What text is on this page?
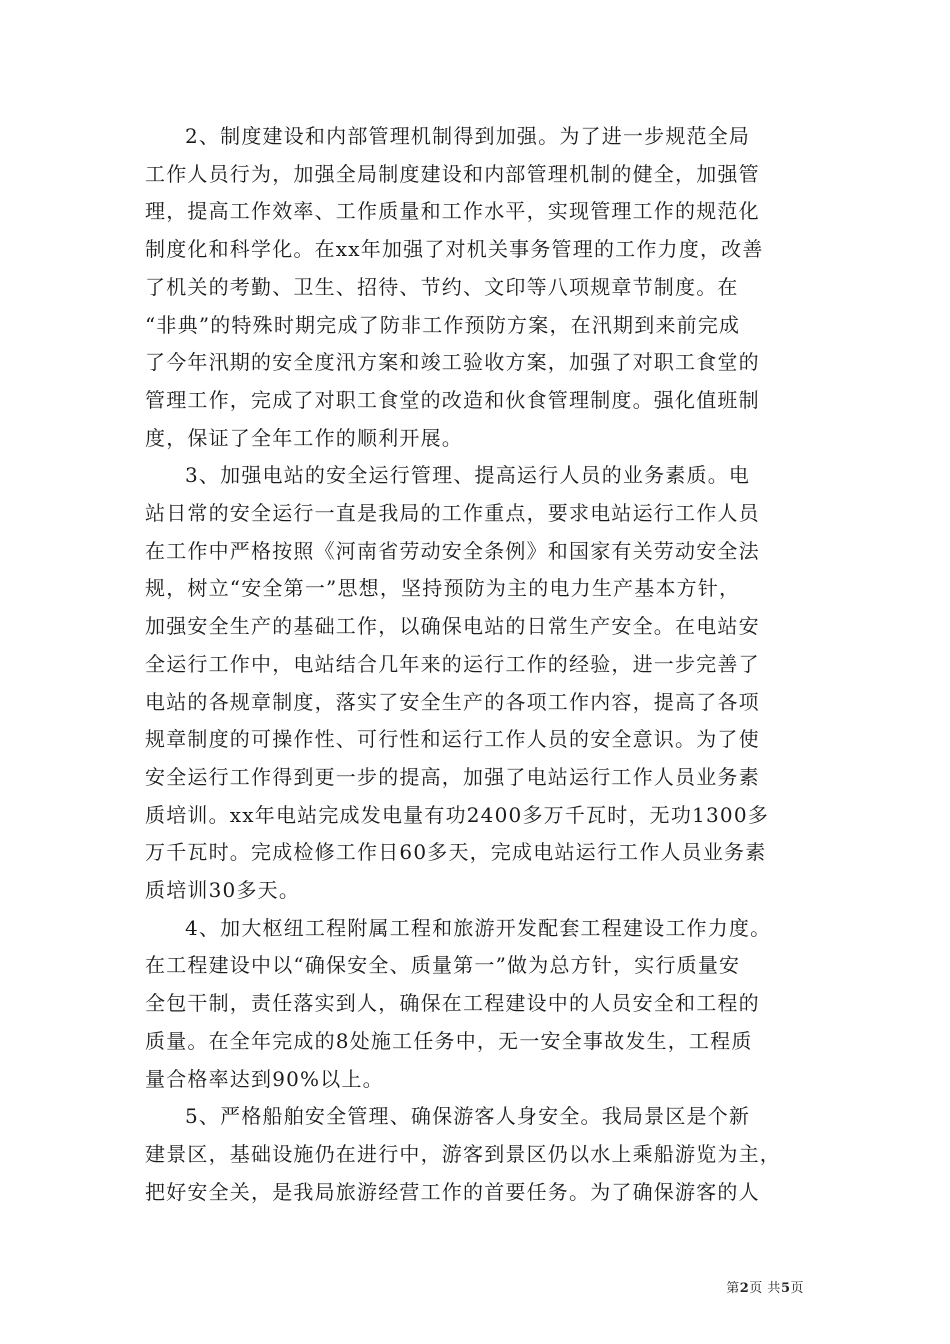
2、制度建设和内部管理机制得到加强。为了进一步规范全局

工作人员行为，加强全局制度建设和内部管理机制的健全，加强管

理，提高工作效率、工作质量和工作水平，实现管理工作的规范化

制度化和科学化。在xx年加强了对机关事务管理的工作力度，改善

了机关的考勤、卫生、招待、节约、文印等八项规章节制度。在

“非典”的特殊时期完成了防非工作预防方案，在汛期到来前完成

了今年汛期的安全度汛方案和竣工验收方案，加强了对职工食堂的

管理工作，完成了对职工食堂的改造和伙食管理制度。强化值班制

度，保证了全年工作的顺利开展。

3、加强电站的安全运行管理、提高运行人员的业务素质。电

站日常的安全运行一直是我局的工作重点，要求电站运行工作人员

在工作中严格按照《河南省劳动安全条例》和国家有关劳动安全法

规，树立“安全第一”思想，坚持预防为主的电力生产基本方针，

加强安全生产的基础工作，以确保电站的日常生产安全。在电站安

全运行工作中，电站结合几年来的运行工作的经验，进一步完善了

电站的各规章制度，落实了安全生产的各项工作内容，提高了各项

规章制度的可操作性、可行性和运行工作人员的安全意识。为了使

安全运行工作得到更一步的提高，加强了电站运行工作人员业务素

质培训。xx年电站完成发电量有功2400多万千瓦时，无功1300多

万千瓦时。完成检修工作日60多天，完成电站运行工作人员业务素

质培训30多天。

4、加大枢纽工程附属工程和旅游开发配套工程建设工作力度。

在工程建设中以“确保安全、质量第一”做为总方针，实行质量安

全包干制，责任落实到人，确保在工程建设中的人员安全和工程的

质量。在全年完成的8处施工任务中，无一安全事故发生，工程质

量合格率达到90%以上。

5、严格船舶安全管理、确保游客人身安全。我局景区是个新

建景区，基础设施仍在进行中，游客到景区仍以水上乘船游览为主，

把好安全关，是我局旅游经营工作的首要任务。为了确保游客的人

第2页 共5页
